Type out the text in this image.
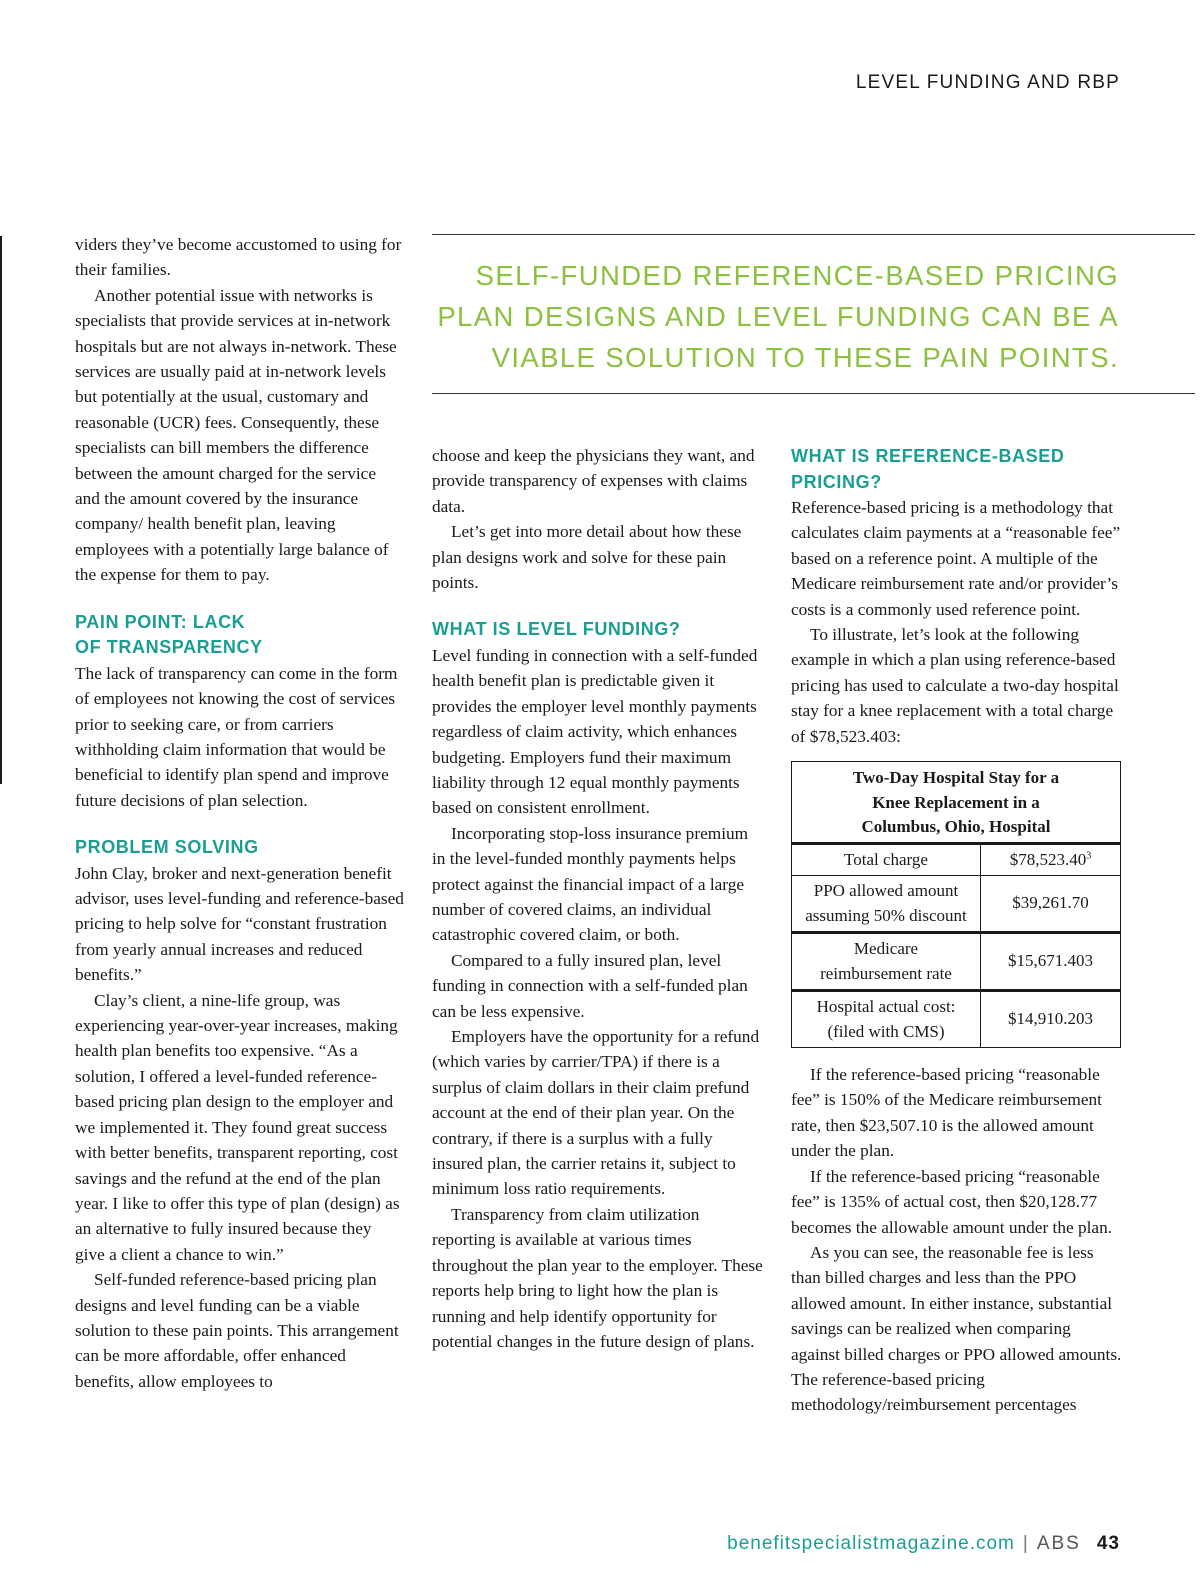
LEVEL FUNDING AND RBP

viders they’ve become accustomed to using for their families.

Another potential issue with networks is specialists that provide services at in-network hospitals but are not always in-network. These services are usually paid at in-network levels but potentially at the usual, customary and reasonable (UCR) fees. Consequently, these specialists can bill members the difference between the amount charged for the service and the amount covered by the insurance company/ health benefit plan, leaving employees with a potentially large balance of the expense for them to pay.

PAIN POINT: LACK
OF TRANSPARENCY

The lack of transparency can come in the form of employees not knowing the cost of services prior to seeking care, or from carriers withholding claim information that would be beneficial to identify plan spend and improve future decisions of plan selection.

PROBLEM SOLVING

John Clay, broker and next-generation benefit advisor, uses level-funding and reference-based pricing to help solve for “constant frustration from yearly annual increases and reduced benefits.”

Clay’s client, a nine-life group, was experiencing year-over-year increases, making health plan benefits too expensive. “As a solution, I offered a level-funded reference-based pricing plan design to the employer and we implemented it. They found great success with better benefits, transparent reporting, cost savings and the refund at the end of the plan year. I like to offer this type of plan (design) as an alternative to fully insured because they give a client a chance to win.”

Self-funded reference-based pricing plan designs and level funding can be a viable solution to these pain points. This arrangement can be more affordable, offer enhanced benefits, allow employees to

SELF-FUNDED REFERENCE-BASED PRICING PLAN DESIGNS AND LEVEL FUNDING CAN BE A VIABLE SOLUTION TO THESE PAIN POINTS.

choose and keep the physicians they want, and provide transparency of expenses with claims data.

Let’s get into more detail about how these plan designs work and solve for these pain points.

WHAT IS LEVEL FUNDING?

Level funding in connection with a self-funded health benefit plan is predictable given it provides the employer level monthly payments regardless of claim activity, which enhances budgeting. Employers fund their maximum liability through 12 equal monthly payments based on consistent enrollment.

Incorporating stop-loss insurance premium in the level-funded monthly payments helps protect against the financial impact of a large number of covered claims, an individual catastrophic covered claim, or both.

Compared to a fully insured plan, level funding in connection with a self-funded plan can be less expensive.

Employers have the opportunity for a refund (which varies by carrier/TPA) if there is a surplus of claim dollars in their claim prefund account at the end of their plan year. On the contrary, if there is a surplus with a fully insured plan, the carrier retains it, subject to minimum loss ratio requirements.

Transparency from claim utilization reporting is available at various times throughout the plan year to the employer. These reports help bring to light how the plan is running and help identify opportunity for potential changes in the future design of plans.

WHAT IS REFERENCE-BASED
PRICING?

Reference-based pricing is a methodology that calculates claim payments at a “reasonable fee” based on a reference point. A multiple of the Medicare reimbursement rate and/or provider’s costs is a commonly used reference point.

To illustrate, let’s look at the following example in which a plan using reference-based pricing has used to calculate a two-day hospital stay for a knee replacement with a total charge of $78,523.403:

Two-Day Hospital Stay for a
Knee Replacement in a
Columbus, Ohio, Hospital	
Total charge	$78,523.40$^3$
PPO allowed amount
assuming 50% discount	$39,261.70
Medicare
reimbursement rate	$15,671.403
Hospital actual cost:
(filed with CMS)	$14,910.203

If the reference-based pricing “reasonable fee” is 150% of the Medicare reimbursement rate, then $23,507.10 is the allowed amount under the plan.

If the reference-based pricing “reasonable fee” is 135% of actual cost, then $20,128.77 becomes the allowable amount under the plan.

As you can see, the reasonable fee is less than billed charges and less than the PPO allowed amount. In either instance, substantial savings can be realized when comparing against billed charges or PPO allowed amounts. The reference-based pricing methodology/reimbursement percentages

benefitspecialistmagazine.com | ABS 43
